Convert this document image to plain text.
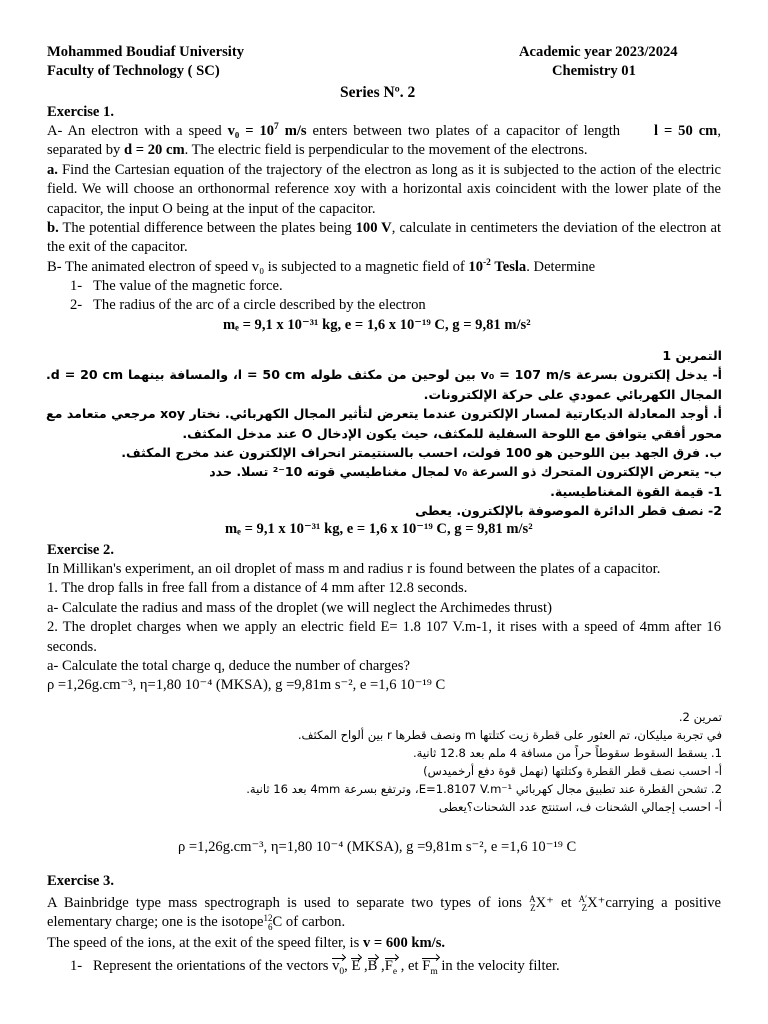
Mohammed Boudiaf University
Faculty of Technology ( SC)
Academic year 2023/2024
Chemistry 01
Series Nº. 2
Exercise 1.
A- An electron with a speed $v_0 = 10^7$ m/s enters between two plates of a capacitor of length l = 50 cm, separated by d = 20 cm. The electric field is perpendicular to the movement of the electrons.
a. Find the Cartesian equation of the trajectory of the electron as long as it is subjected to the action of the electric field. We will choose an orthonormal reference xoy with a horizontal axis coincident with the lower plate of the capacitor, the input O being at the input of the capacitor.
b. The potential difference between the plates being 100 V, calculate in centimeters the deviation of the electron at the exit of the capacitor.
B- The animated electron of speed v₀ is subjected to a magnetic field of $10^{-2}$ Tesla. Determine
1- The value of the magnetic force.
2- The radius of the arc of a circle described by the electron
mₑ = 9,1 x 10⁻³¹ kg, e = 1,6 x 10⁻¹⁹ C, g = 9,81 m/s²
التمرين 1
أ- يدخل إلكترون بسرعة v₀ = 107 m/s بين لوحين من مكثف طوله l = 50 cm، والمسافة بينهما d = 20 cm. المجال الكهربائي عمودي على حركة الإلكترونات.
أ. أوجد المعادلة الديكارتية لمسار الإلكترون عندما يتعرض لتأثير المجال الكهربائي. نختار xoy مرجعي متعامد مع محور أفقي يتوافق مع اللوحة السفلية للمكثف، حيث يكون الإدخال O عند مدخل المكثف.
ب. فرق الجهد بين اللوحين هو 100 فولت، احسب بالسنتيمتر انحراف الإلكترون عند مخرج المكثف.
ب- يتعرض الإلكترون المتحرك ذو السرعة v₀ لمجال مغناطيسي قوته 10⁻² تسلا. حدد
1- قيمة القوة المغناطيسية.
2- نصف قطر الدائرة الموصوفة بالإلكترون. يعطى
mₑ = 9,1 x 10⁻³¹ kg, e = 1,6 x 10⁻¹⁹ C, g = 9,81 m/s²
Exercise 2.
In Millikan's experiment, an oil droplet of mass m and radius r is found between the plates of a capacitor.
1. The drop falls in free fall from a distance of 4 mm after 12.8 seconds.
a- Calculate the radius and mass of the droplet (we will neglect the Archimedes thrust)
2. The droplet charges when we apply an electric field E= 1.8 107 V.m-1, it rises with a speed of 4mm after 16 seconds.
a- Calculate the total charge q, deduce the number of charges?
ρ =1,26g.cm⁻³, η=1,80 10⁻⁴ (MKSA), g =9,81m s⁻², e =1,6 10⁻¹⁹ C
تمرين 2.
في تجربة ميليكان، تم العثور على قطرة زيت كتلتها m ونصف قطرها r بين ألواح المكثف.
1. يسقط السقوط سقوطاً حراً من مسافة 4 ملم بعد 12.8 ثانية.
أ- احسب نصف قطر القطرة وكتلتها (نهمل قوة دفع أرخميدس)
2. تشحن القطرة عند تطبيق مجال كهربائي E=1.8107 V.m⁻¹، وترتفع بسرعة 4mm بعد 16 ثانية.
أ- احسب إجمالي الشحنات ف، استنتج عدد الشحنات؟يعطى
ρ =1,26g.cm⁻³, η=1,80 10⁻⁴ (MKSA), g =9,81m s⁻², e =1,6 10⁻¹⁹ C
Exercise 3.
A Bainbridge type mass spectrograph is used to separate two types of ions A
ZX⁺ et A′
ZX⁺carrying a positive elementary charge; one is the isotope12
6C of carbon.
The speed of the ions, at the exit of the speed filter, is v = 600 km/s.
1- Represent the orientations of the vectors $v_0$, E ,B $,F_e$ , et $F_m$ in the velocity filter.
